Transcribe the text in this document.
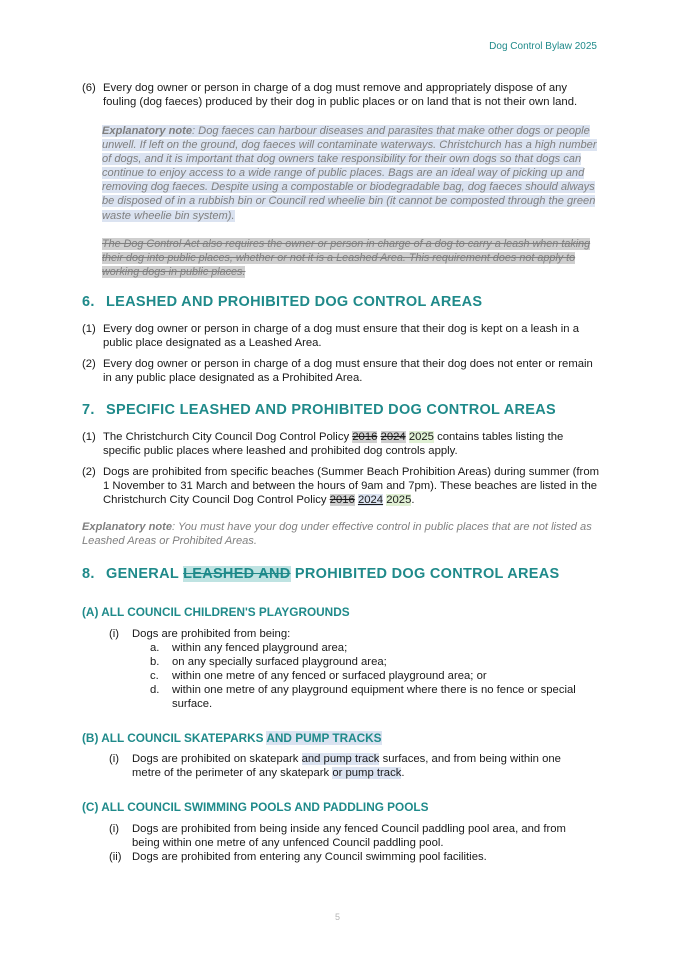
Dog Control Bylaw 2025
(6) Every dog owner or person in charge of a dog must remove and appropriately dispose of any fouling (dog faeces) produced by their dog in public places or on land that is not their own land.
Explanatory note: Dog faeces can harbour diseases and parasites that make other dogs or people unwell. If left on the ground, dog faeces will contaminate waterways. Christchurch has a high number of dogs, and it is important that dog owners take responsibility for their own dogs so that dogs can continue to enjoy access to a wide range of public places. Bags are an ideal way of picking up and removing dog faeces. Despite using a compostable or biodegradable bag, dog faeces should always be disposed of in a rubbish bin or Council red wheelie bin (it cannot be composted through the green waste wheelie bin system).
The Dog Control Act also requires the owner or person in charge of a dog to carry a leash when taking their dog into public places, whether or not it is a Leashed Area. This requirement does not apply to working dogs in public places.
6. LEASHED AND PROHIBITED DOG CONTROL AREAS
(1) Every dog owner or person in charge of a dog must ensure that their dog is kept on a leash in a public place designated as a Leashed Area.
(2) Every dog owner or person in charge of a dog must ensure that their dog does not enter or remain in any public place designated as a Prohibited Area.
7. SPECIFIC LEASHED AND PROHIBITED DOG CONTROL AREAS
(1) The Christchurch City Council Dog Control Policy 2016 2024 2025 contains tables listing the specific public places where leashed and prohibited dog controls apply.
(2) Dogs are prohibited from specific beaches (Summer Beach Prohibition Areas) during summer (from 1 November to 31 March and between the hours of 9am and 7pm). These beaches are listed in the Christchurch City Council Dog Control Policy 2016 2024 2025.
Explanatory note: You must have your dog under effective control in public places that are not listed as Leashed Areas or Prohibited Areas.
8. GENERAL LEASHED AND PROHIBITED DOG CONTROL AREAS
(A) ALL COUNCIL CHILDREN'S PLAYGROUNDS
(i) Dogs are prohibited from being:
a. within any fenced playground area;
b. on any specially surfaced playground area;
c. within one metre of any fenced or surfaced playground area; or
d. within one metre of any playground equipment where there is no fence or special surface.
(B) ALL COUNCIL SKATEPARKS AND PUMP TRACKS
(i) Dogs are prohibited on skatepark and pump track surfaces, and from being within one metre of the perimeter of any skatepark or pump track.
(C) ALL COUNCIL SWIMMING POOLS AND PADDLING POOLS
(i) Dogs are prohibited from being inside any fenced Council paddling pool area, and from being within one metre of any unfenced Council paddling pool.
(ii) Dogs are prohibited from entering any Council swimming pool facilities.
5
